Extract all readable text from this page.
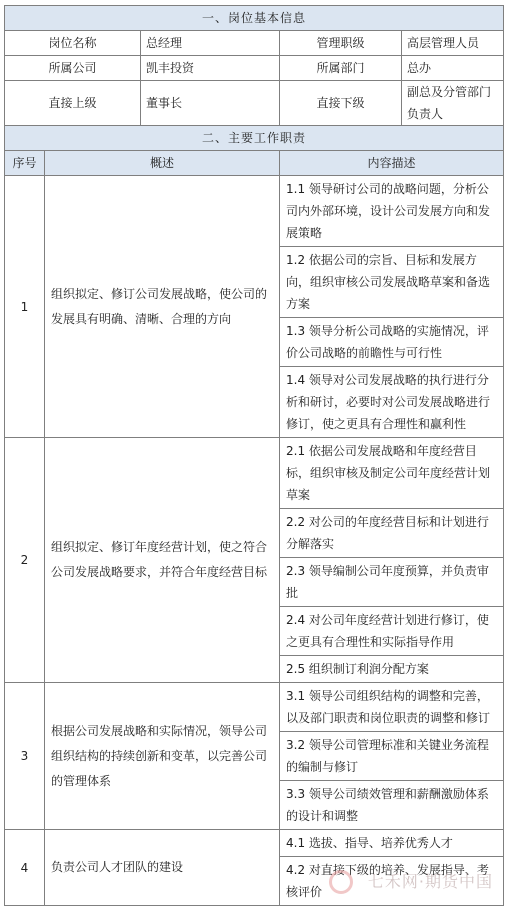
一、岗位基本信息				
岗位名称		总经理	管理职级	高层管理人员
所属公司		凯丰投资	所属部门	总办
直接上级		董事长	直接下级	副总及分管部门负责人
二、主要工作职责				
序号	概述		内容描述	
1	组织拟定、修订公司发展战略，使公司的发展具有明确、清晰、合理的方向		1.1 领导研讨公司的战略问题，分析公司内外部环境，设计公司发展方向和发展策略	
			1.2 依据公司的宗旨、目标和发展方向，组织审核公司发展战略草案和备选方案	
			1.3 领导分析公司战略的实施情况，评价公司战略的前瞻性与可行性	
			1.4 领导对公司发展战略的执行进行分析和研讨，必要时对公司发展战略进行修订，使之更具有合理性和赢利性	
2	组织拟定、修订年度经营计划，使之符合公司发展战略要求，并符合年度经营目标		2.1 依据公司发展战略和年度经营目标，组织审核及制定公司年度经营计划草案	
			2.2 对公司的年度经营目标和计划进行分解落实	
			2.3 领导编制公司年度预算，并负责审批	
			2.4 对公司年度经营计划进行修订，使之更具有合理性和实际指导作用	
			2.5 组织制订利润分配方案	
3	根据公司发展战略和实际情况，领导公司组织结构的持续创新和变革，以完善公司的管理体系		3.1 领导公司组织结构的调整和完善，以及部门职责和岗位职责的调整和修订	
			3.2 领导公司管理标准和关键业务流程的编制与修订	
			3.3 领导公司绩效管理和薪酬激励体系的设计和调整	
4	负责公司人才团队的建设		4.1 选拔、指导、培养优秀人才	
			4.2 对直接下级的培养、发展指导、考核评价	
七禾网·期货中国
